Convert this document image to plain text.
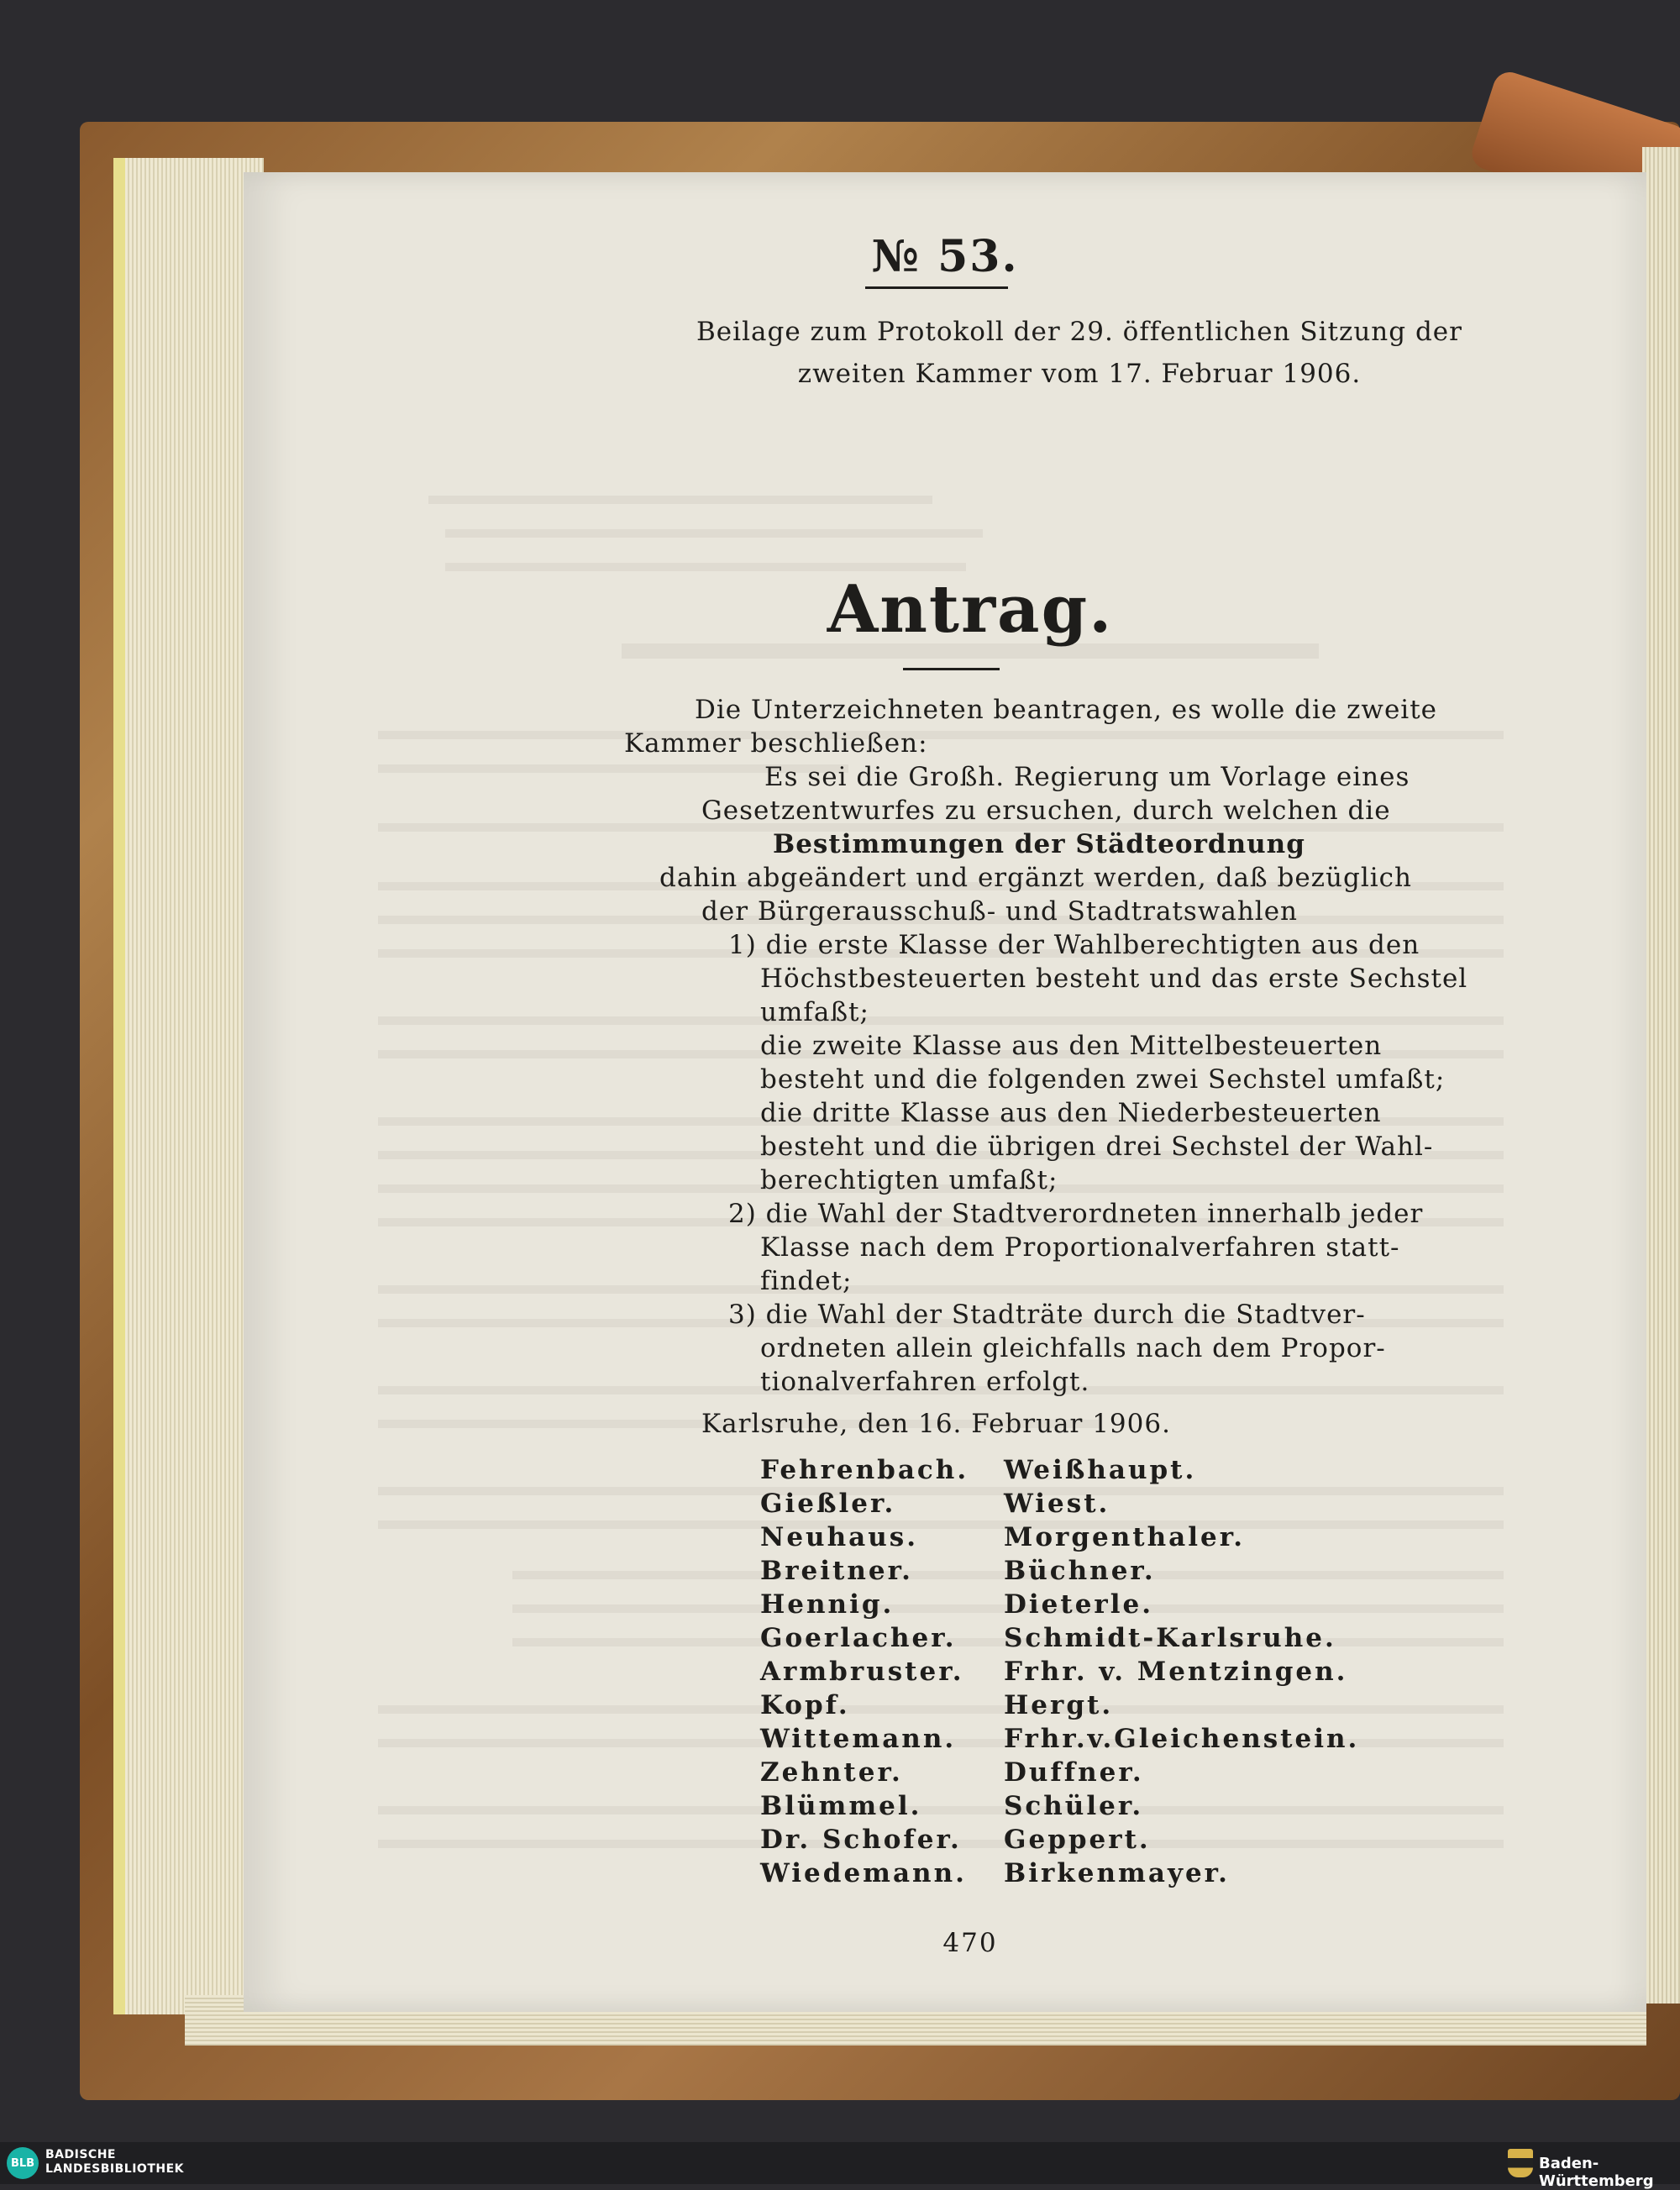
№ 53.
Beilage zum Protokoll der 29. öffentlichen Sitzung der
zweiten Kammer vom 17. Februar 1906.
Antrag.
Die Unterzeichneten beantragen, es wolle die zweite
Kammer beschließen:
Es sei die Großh. Regierung um Vorlage eines
Gesetzentwurfes zu ersuchen, durch welchen die
Bestimmungen der Städteordnung
dahin abgeändert und ergänzt werden, daß bezüglich
der Bürgerausschuß- und Stadtratswahlen
1) die erste Klasse der Wahlberechtigten aus den
Höchstbesteuerten besteht und das erste Sechstel
umfaßt;
die zweite Klasse aus den Mittelbesteuerten
besteht und die folgenden zwei Sechstel umfaßt;
die dritte Klasse aus den Niederbesteuerten
besteht und die übrigen drei Sechstel der Wahl-
berechtigten umfaßt;
2) die Wahl der Stadtverordneten innerhalb jeder
Klasse nach dem Proportionalverfahren statt-
findet;
3) die Wahl der Stadträte durch die Stadtver-
ordneten allein gleichfalls nach dem Propor-
tionalverfahren erfolgt.
Karlsruhe, den 16. Februar 1906.
Fehrenbach.
Gießler.
Neuhaus.
Breitner.
Hennig.
Goerlacher.
Armbruster.
Kopf.
Wittemann.
Zehnter.
Blümmel.
Dr. Schofer.
Wiedemann.
Weißhaupt.
Wiest.
Morgenthaler.
Büchner.
Dieterle.
Schmidt-Karlsruhe.
Frhr. v. Mentzingen.
Hergt.
Frhr.v.Gleichenstein.
Duffner.
Schüler.
Geppert.
Birkenmayer.
470
BLB
BADISCHE
LANDESBIBLIOTHEK	Baden-Württemberg
